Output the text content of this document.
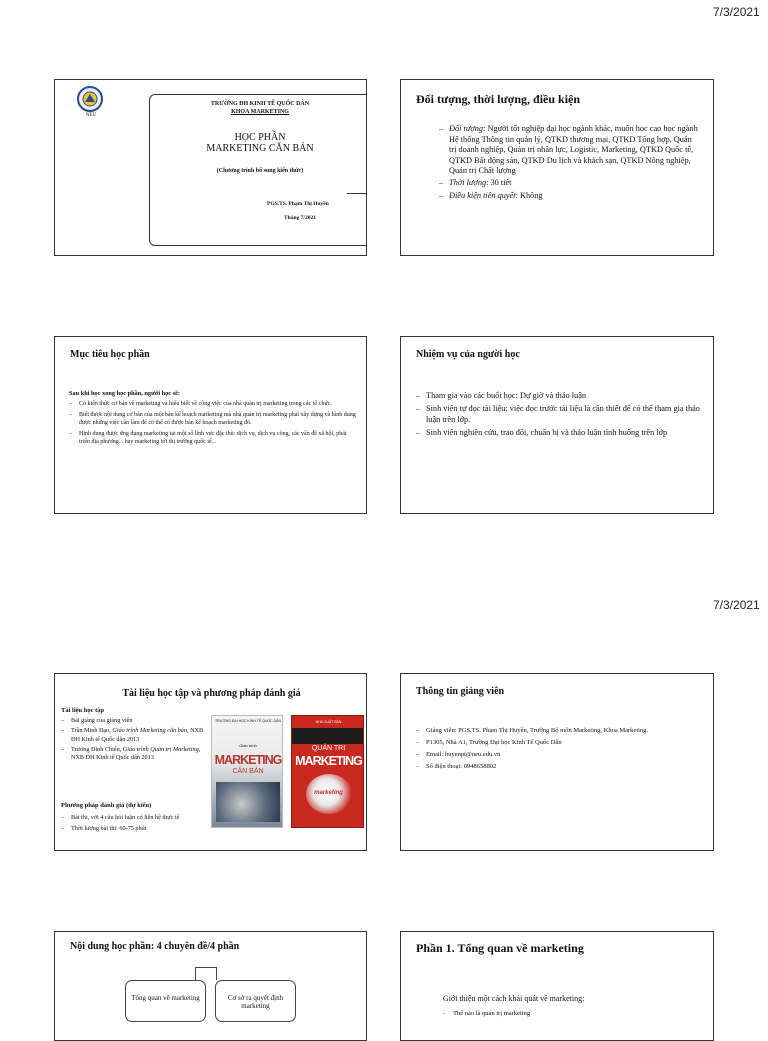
7/3/2021
7/3/2021
NEU
TRƯỜNG ĐH KINH TẾ QUỐC DÂN
KHOA MARKETING
HỌC PHẦN
MARKETING CĂN BẢN
(Chương trình bổ sung kiến thức)
PGS.TS. Phạm Thị Huyền
Tháng 7/2021
Đối tượng, thời lượng, điều kiện
– Đối tượng: Người tốt nghiệp đại học ngành khác, muốn học cao học ngành Hệ thống Thông tin quản lý, QTKD thương mại, QTKD Tổng hợp, Quản trị doanh nghiệp, Quản trị nhân lực, Logistic, Marketing, QTKD Quốc tế, QTKD Bất động sản, QTKD Du lịch và khách sạn, QTKD Nông nghiệp, Quản trị Chất lượng
– Thời lượng: 30 tiết
– Điều kiện tiên quyết: Không
Mục tiêu học phần
Sau khi học xong học phần, người học sẽ:
– Có kiến thức cơ bản về marketing và hiểu biết về công việc của nhà quản trị marketing trong các tổ chức.
– Biết được nội dung cơ bản của một bản kế hoạch marketing mà nhà quản trị marketing phải xây dựng và hình dung được những việc cần làm để có thể có được bản kế hoạch marketing đó.
– Hình dung được ứng dụng marketing tại một số lĩnh vực đặc thù: dịch vụ, dịch vụ công, các vấn đề xã hội, phát triển địa phương... hay marketing tới thị trường quốc tế...
Nhiệm vụ của người học
– Tham gia vào các buổi học: Dự giờ và thảo luận
– Sinh viên tự đọc tài liệu: việc đọc trước tài liệu là cần thiết để có thể tham gia thảo luận trên lớp.
– Sinh viên nghiên cứu, trao đổi, chuẩn bị và thảo luận tình huống trên lớp
Tài liệu học tập và phương pháp đánh giá
Tài liệu học tập
– Bài giảng của giảng viên
– Trần Minh Đạo, Giáo trình Marketing căn bản, NXB ĐH Kinh tế Quốc dân 2013
– Trương Đình Chiến, Giáo trình Quản trị Marketing, NXB ĐH Kinh tế Quốc dân 2013
Phương pháp đánh giá (dự kiến)
– Bài thi, với 4 câu hỏi luận có liên hệ thực tế
– Thời lượng bài thi: 60-75 phút
TRƯỜNG ĐẠI HỌC KINH TẾ QUỐC DÂN
Giáo trình
MARKETING
CĂN BẢN
NHÀ XUẤT BẢN
QUẢN TRỊ
MARKETING
marketing
Thông tin giảng viên
– Giảng viên: PGS.TS. Phạm Thị Huyền, Trưởng Bộ môn Marketing, Khoa Marketing.
– P1305, Nhà A1, Trường Đại học Kinh Tế Quốc Dân
– Email: huyenpt@neu.edu.vn
– Số điện thoại: 0948658802
Nội dung học phần: 4 chuyên đề/4 phần
Tổng quan về marketing	Cơ sở ra quyết định marketing
Phần 1. Tổng quan về marketing
Giới thiệu một cách khái quát về marketing:
- Thế nào là quản trị marketing
